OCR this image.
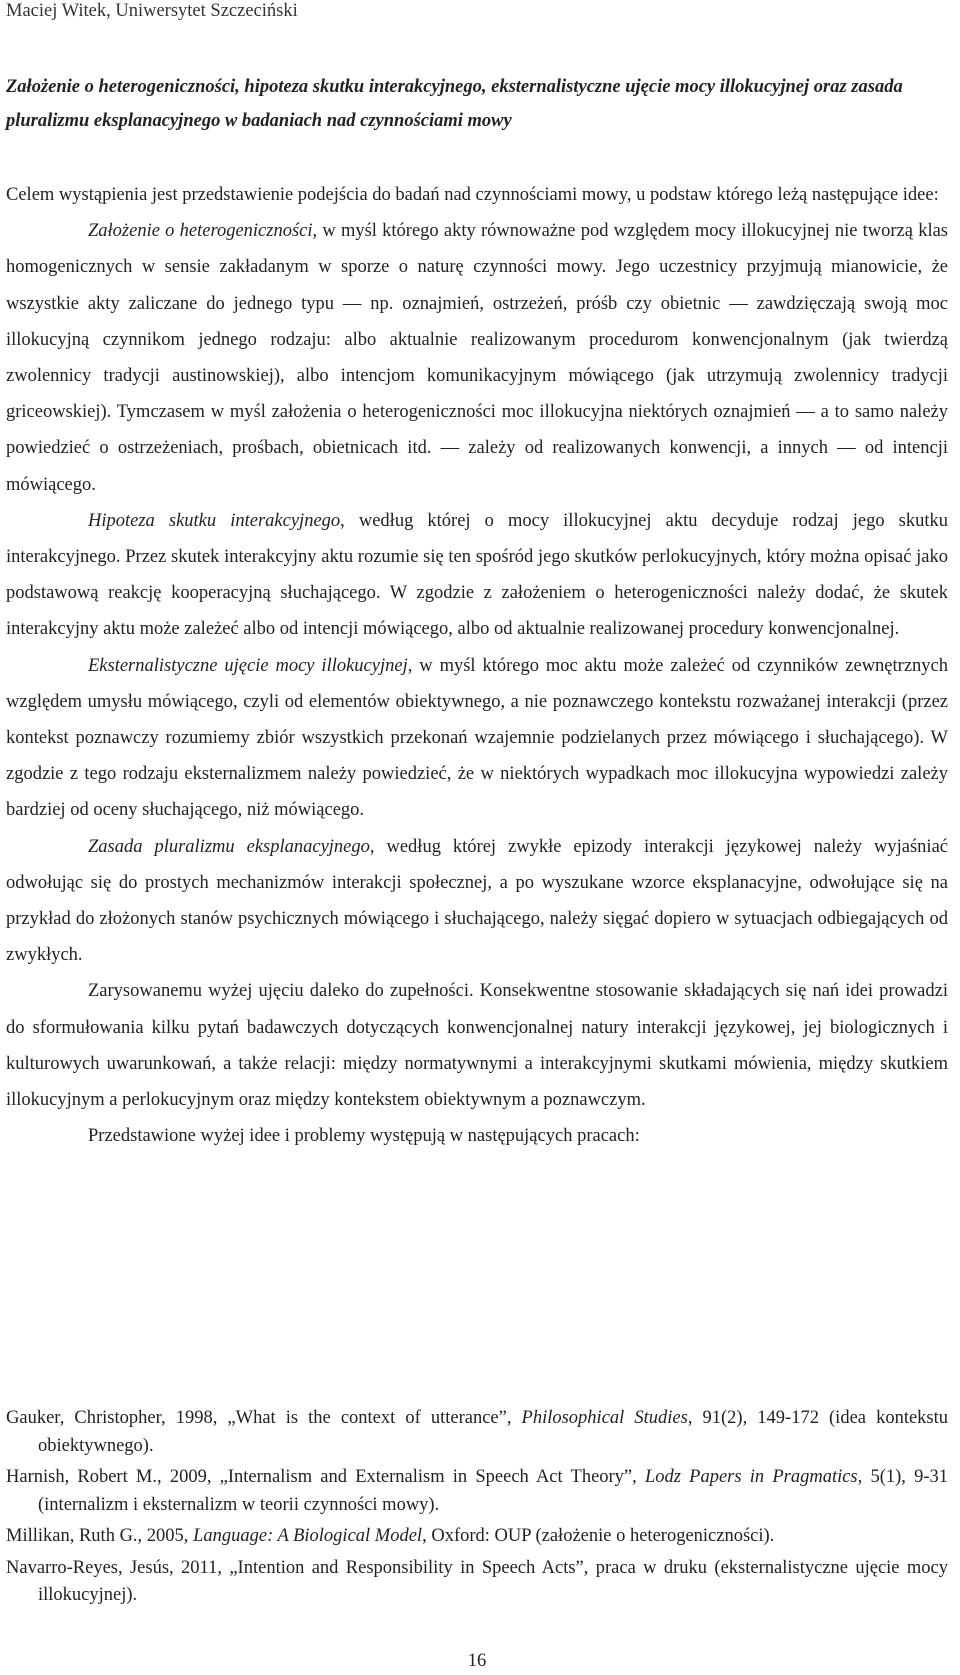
Maciej Witek, Uniwersytet Szczeciński
Założenie o heterogeniczności, hipoteza skutku interakcyjnego, eksternalistyczne ujęcie mocy illokucyjnej oraz zasada pluralizmu eksplanacyjnego w badaniach nad czynnościami mowy

Celem wystąpienia jest przedstawienie podejścia do badań nad czynnościami mowy, u podstaw którego leżą następujące idee:

Założenie o heterogeniczności, w myśl którego akty równoważne pod względem mocy illokucyjnej nie tworzą klas homogenicznych w sensie zakładanym w sporze o naturę czynności mowy. Jego uczestnicy przyjmują mianowicie, że wszystkie akty zaliczane do jednego typu — np. oznajmień, ostrzeżeń, próśb czy obietnic — zawdzięczają swoją moc illokucyjną czynnikom jednego rodzaju: albo aktualnie realizowanym procedurom konwencjonalnym (jak twierdzą zwolennicy tradycji austinowskiej), albo intencjom komunikacyjnym mówiącego (jak utrzymują zwolennicy tradycji griceowskiej). Tymczasem w myśl założenia o heterogeniczności moc illokucyjna niektórych oznajmień — a to samo należy powiedzieć o ostrzeżeniach, prośbach, obietnicach itd. — zależy od realizowanych konwencji, a innych — od intencji mówiącego.

Hipoteza skutku interakcyjnego, według której o mocy illokucyjnej aktu decyduje rodzaj jego skutku interakcyjnego. Przez skutek interakcyjny aktu rozumie się ten spośród jego skutków perlokucyjnych, który można opisać jako podstawową reakcję kooperacyjną słuchającego. W zgodzie z założeniem o heterogeniczności należy dodać, że skutek interakcyjny aktu może zależeć albo od intencji mówiącego, albo od aktualnie realizowanej procedury konwencjonalnej.

Eksternalistyczne ujęcie mocy illokucyjnej, w myśl którego moc aktu może zależeć od czynników zewnętrznych względem umysłu mówiącego, czyli od elementów obiektywnego, a nie poznawczego kontekstu rozważanej interakcji (przez kontekst poznawczy rozumiemy zbiór wszystkich przekonań wzajemnie podzielanych przez mówiącego i słuchającego). W zgodzie z tego rodzaju eksternalizmem należy powiedzieć, że w niektórych wypadkach moc illokucyjna wypowiedzi zależy bardziej od oceny słuchającego, niż mówiącego.

Zasada pluralizmu eksplanacyjnego, według której zwykłe epizody interakcji językowej należy wyjaśniać odwołując się do prostych mechanizmów interakcji społecznej, a po wyszukane wzorce eksplanacyjne, odwołujące się na przykład do złożonych stanów psychicznych mówiącego i słuchającego, należy sięgać dopiero w sytuacjach odbiegających od zwykłych.

Zarysowanemu wyżej ujęciu daleko do zupełności. Konsekwentne stosowanie składających się nań idei prowadzi do sformułowania kilku pytań badawczych dotyczących konwencjonalnej natury interakcji językowej, jej biologicznych i kulturowych uwarunkowań, a także relacji: między normatywnymi a interakcyjnymi skutkami mówienia, między skutkiem illokucyjnym a perlokucyjnym oraz między kontekstem obiektywnym a poznawczym.

Przedstawione wyżej idee i problemy występują w następujących pracach:

Gauker, Christopher, 1998, „What is the context of utterance”, Philosophical Studies, 91(2), 149-172 (idea kontekstu obiektywnego).

Harnish, Robert M., 2009, „Internalism and Externalism in Speech Act Theory”, Lodz Papers in Pragmatics, 5(1), 9-31 (internalizm i eksternalizm w teorii czynności mowy).

Millikan, Ruth G., 2005, Language: A Biological Model, Oxford: OUP (założenie o heterogeniczności).

Navarro-Reyes, Jesús, 2011, „Intention and Responsibility in Speech Acts”, praca w druku (eksternalistyczne ujęcie mocy illokucyjnej).

16
